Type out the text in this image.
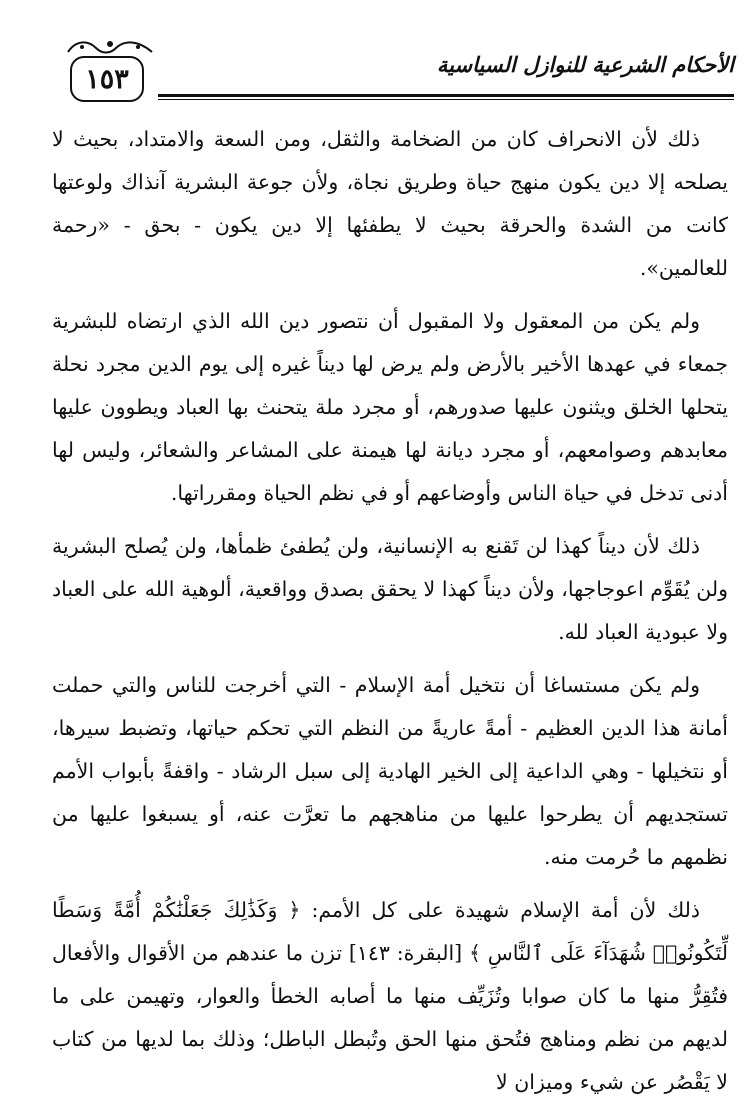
١٥٣	الأحكام الشرعية للنوازل السياسية

ذلك لأن الانحراف كان من الضخامة والثقل، ومن السعة والامتداد، بحيث لا يصلحه إلا دين يكون منهج حياة وطريق نجاة، ولأن جوعة البشرية آنذاك ولوعتها كانت من الشدة والحرقة بحيث لا يطفئها إلا دين يكون - بحق - «رحمة للعالمين».

ولم يكن من المعقول ولا المقبول أن نتصور دين الله الذي ارتضاه للبشرية جمعاء في عهدها الأخير بالأرض ولم يرض لها ديناً غيره إلى يوم الدين مجرد نحلة يتحلها الخلق ويثنون عليها صدورهم، أو مجرد ملة يتحنث بها العباد ويطوون عليها معابدهم وصوامعهم، أو مجرد ديانة لها هيمنة على المشاعر والشعائر، وليس لها أدنى تدخل في حياة الناس وأوضاعهم أو في نظم الحياة ومقرراتها.

ذلك لأن ديناً كهذا لن تَقنع به الإنسانية، ولن يُطفئ ظمأها، ولن يُصلح البشرية ولن يُقَوِّم اعوجاجها، ولأن ديناً كهذا لا يحقق بصدق وواقعية، ألوهية الله على العباد ولا عبودية العباد لله.

ولم يكن مستساغا أن نتخيل أمة الإسلام - التي أخرجت للناس والتي حملت أمانة هذا الدين العظيم - أمةً عاريةً من النظم التي تحكم حياتها، وتضبط سيرها، أو نتخيلها - وهي الداعية إلى الخير الهادية إلى سبل الرشاد - واقفةً بأبواب الأمم تستجديهم أن يطرحوا عليها من مناهجهم ما تعرَّت عنه، أو يسبغوا عليها من نظمهم ما حُرمت منه.

ذلك لأن أمة الإسلام شهيدة على كل الأمم: ﴿ وَكَذَٰلِكَ جَعَلْنَٰكُمْ أُمَّةً وَسَطًا لِّتَكُونُوا۟ شُهَدَآءَ عَلَى ٱلنَّاسِ ﴾ [البقرة: ١٤٣] تزن ما عندهم من الأقوال والأفعال فتُقِرُّ منها ما كان صوابا وتُزَيِّف منها ما أصابه الخطأ والعوار، وتهيمن على ما لديهم من نظم ومناهج فتُحق منها الحق وتُبطل الباطل؛ وذلك بما لديها من كتاب لا يَقْصُر عن شيء وميزان لا
